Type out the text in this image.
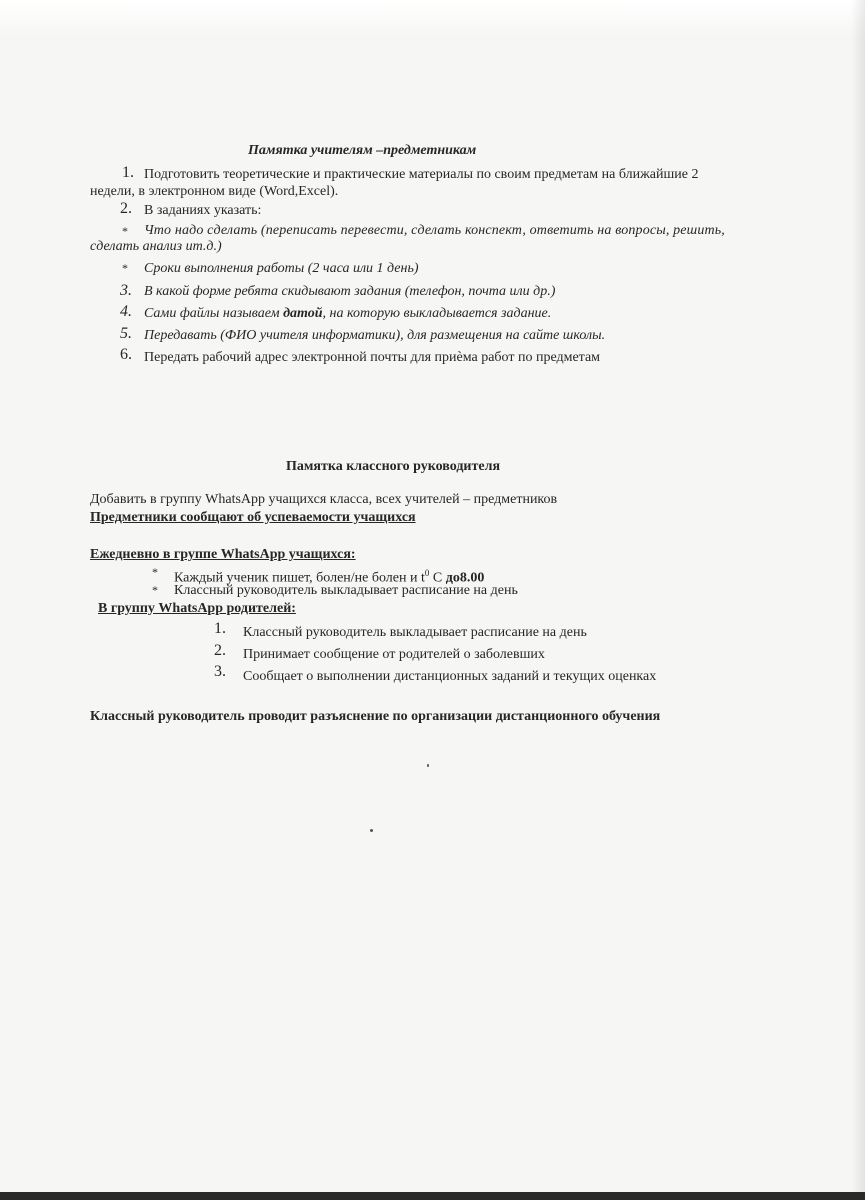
Памятка учителям –предметникам
1. Подготовить теоретические и практические материалы по своим предметам на ближайшие 2
недели, в электронном виде (Word,Excel).
2. В заданиях указать:
* Что надо сделать (переписать перевести, сделать конспект, ответить на вопросы, решить,
сделать анализ ит.д.)
* Сроки выполнения работы (2 часа или 1 день)
3. В какой форме ребята скидывают задания (телефон, почта или др.)
4. Сами файлы называем датой, на которую выкладывается задание.
5. Передавать (ФИО учителя информатики), для размещения на сайте школы.
6. Передать рабочий адрес электронной почты для приѐма работ по предметам
Памятка классного руководителя
Добавить в группу WhatsApp учащихся класса, всех учителей – предметников
Предметники сообщают об успеваемости учащихся
Ежедневно в группе WhatsApp учащихся:
* Каждый ученик пишет, болен/не болен и $t^0$ С до8.00
* Классный руководитель выкладывает расписание на день
В группу WhatsApp родителей:
1. Классный руководитель выкладывает расписание на день
2. Принимает сообщение от родителей о заболевших
3. Сообщает о выполнении дистанционных заданий и текущих оценках
Классный руководитель проводит разъяснение по организации дистанционного обучения
